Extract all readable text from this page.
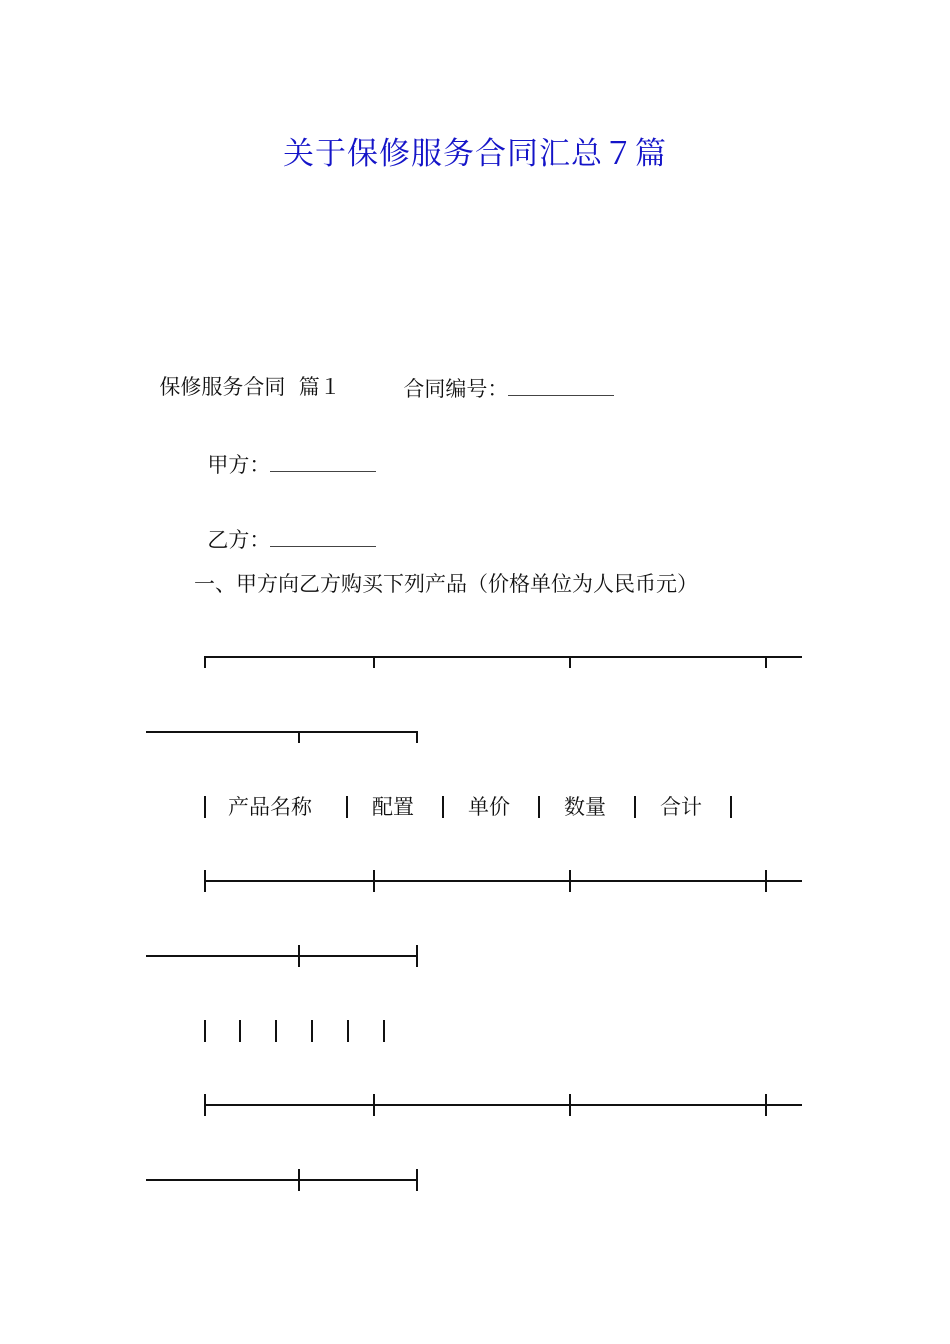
关于保修服务合同汇总７篇

保修服务合同  篇１	合同编号：

甲方：

乙方：

一、甲方向乙方购买下列产品（价格单位为人民币元）
产品名称	配置	单价	数量	合计
